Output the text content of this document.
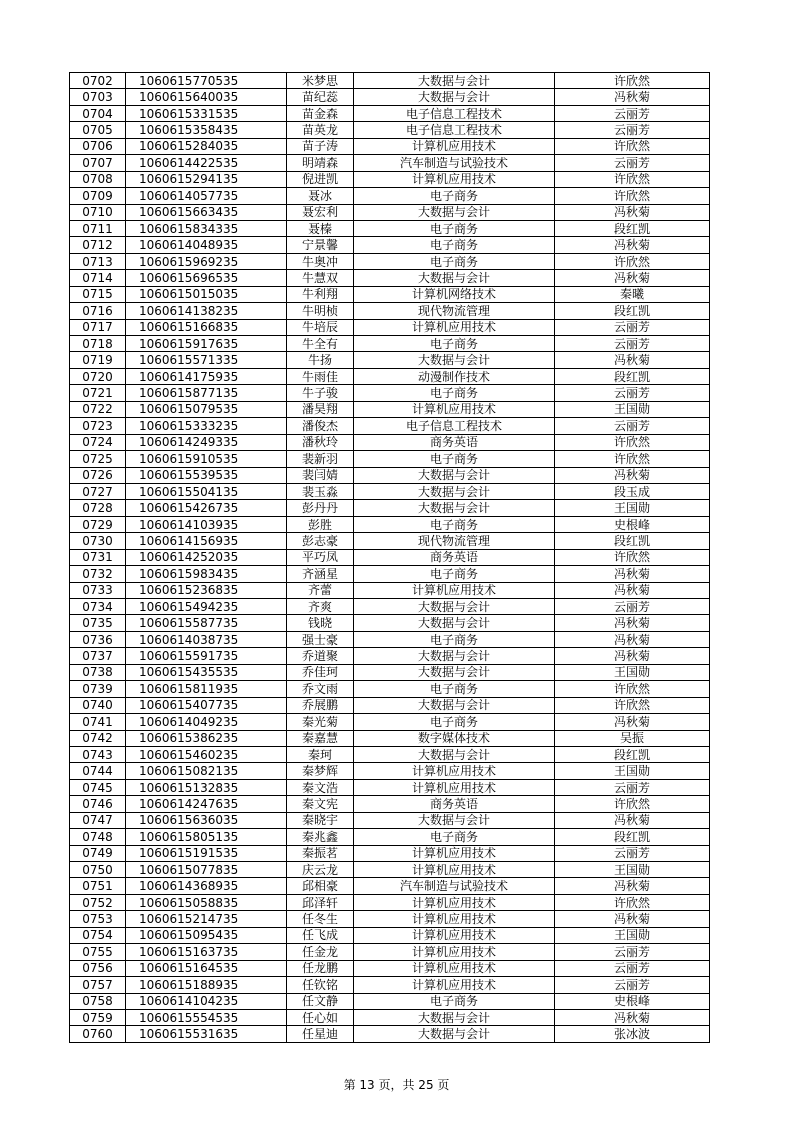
0702	1060615770535	米梦思	大数据与会计	许欣然
0703	1060615640035	苗纪蕊	大数据与会计	冯秋菊
0704	1060615331535	苗金森	电子信息工程技术	云丽芳
0705	1060615358435	苗英龙	电子信息工程技术	云丽芳
0706	1060615284035	苗子涛	计算机应用技术	许欣然
0707	1060614422535	明靖森	汽车制造与试验技术	云丽芳
0708	1060615294135	倪进凯	计算机应用技术	许欣然
0709	1060614057735	聂冰	电子商务	许欣然
0710	1060615663435	聂宏利	大数据与会计	冯秋菊
0711	1060615834335	聂榛	电子商务	段红凯
0712	1060614048935	宁景馨	电子商务	冯秋菊
0713	1060615969235	牛奥冲	电子商务	许欣然
0714	1060615696535	牛慧双	大数据与会计	冯秋菊
0715	1060615015035	牛利翔	计算机网络技术	秦曦
0716	1060614138235	牛明桢	现代物流管理	段红凯
0717	1060615166835	牛培辰	计算机应用技术	云丽芳
0718	1060615917635	牛全有	电子商务	云丽芳
0719	1060615571335	牛扬	大数据与会计	冯秋菊
0720	1060614175935	牛雨佳	动漫制作技术	段红凯
0721	1060615877135	牛子骏	电子商务	云丽芳
0722	1060615079535	潘昊翔	计算机应用技术	王国勋
0723	1060615333235	潘俊杰	电子信息工程技术	云丽芳
0724	1060614249335	潘秋玲	商务英语	许欣然
0725	1060615910535	裴新羽	电子商务	许欣然
0726	1060615539535	裴闫婧	大数据与会计	冯秋菊
0727	1060615504135	裴玉淼	大数据与会计	段玉成
0728	1060615426735	彭丹丹	大数据与会计	王国勋
0729	1060614103935	彭胜	电子商务	史根峰
0730	1060614156935	彭志豪	现代物流管理	段红凯
0731	1060614252035	平巧凤	商务英语	许欣然
0732	1060615983435	齐涵星	电子商务	冯秋菊
0733	1060615236835	齐蕾	计算机应用技术	冯秋菊
0734	1060615494235	齐爽	大数据与会计	云丽芳
0735	1060615587735	钱晓	大数据与会计	冯秋菊
0736	1060614038735	强士豪	电子商务	冯秋菊
0737	1060615591735	乔道聚	大数据与会计	冯秋菊
0738	1060615435535	乔佳珂	大数据与会计	王国勋
0739	1060615811935	乔文雨	电子商务	许欣然
0740	1060615407735	乔展鹏	大数据与会计	许欣然
0741	1060614049235	秦光菊	电子商务	冯秋菊
0742	1060615386235	秦嘉慧	数字媒体技术	吴振
0743	1060615460235	秦珂	大数据与会计	段红凯
0744	1060615082135	秦梦辉	计算机应用技术	王国勋
0745	1060615132835	秦文浩	计算机应用技术	云丽芳
0746	1060614247635	秦文宪	商务英语	许欣然
0747	1060615636035	秦晓宇	大数据与会计	冯秋菊
0748	1060615805135	秦兆鑫	电子商务	段红凯
0749	1060615191535	秦振茗	计算机应用技术	云丽芳
0750	1060615077835	庆云龙	计算机应用技术	王国勋
0751	1060614368935	邱相豪	汽车制造与试验技术	冯秋菊
0752	1060615058835	邱泽轩	计算机应用技术	许欣然
0753	1060615214735	任冬生	计算机应用技术	冯秋菊
0754	1060615095435	任飞成	计算机应用技术	王国勋
0755	1060615163735	任金龙	计算机应用技术	云丽芳
0756	1060615164535	任龙鹏	计算机应用技术	云丽芳
0757	1060615188935	任钦铭	计算机应用技术	云丽芳
0758	1060614104235	任文静	电子商务	史根峰
0759	1060615554535	任心如	大数据与会计	冯秋菊
0760	1060615531635	任星迪	大数据与会计	张冰波
第 13 页，共 25 页
